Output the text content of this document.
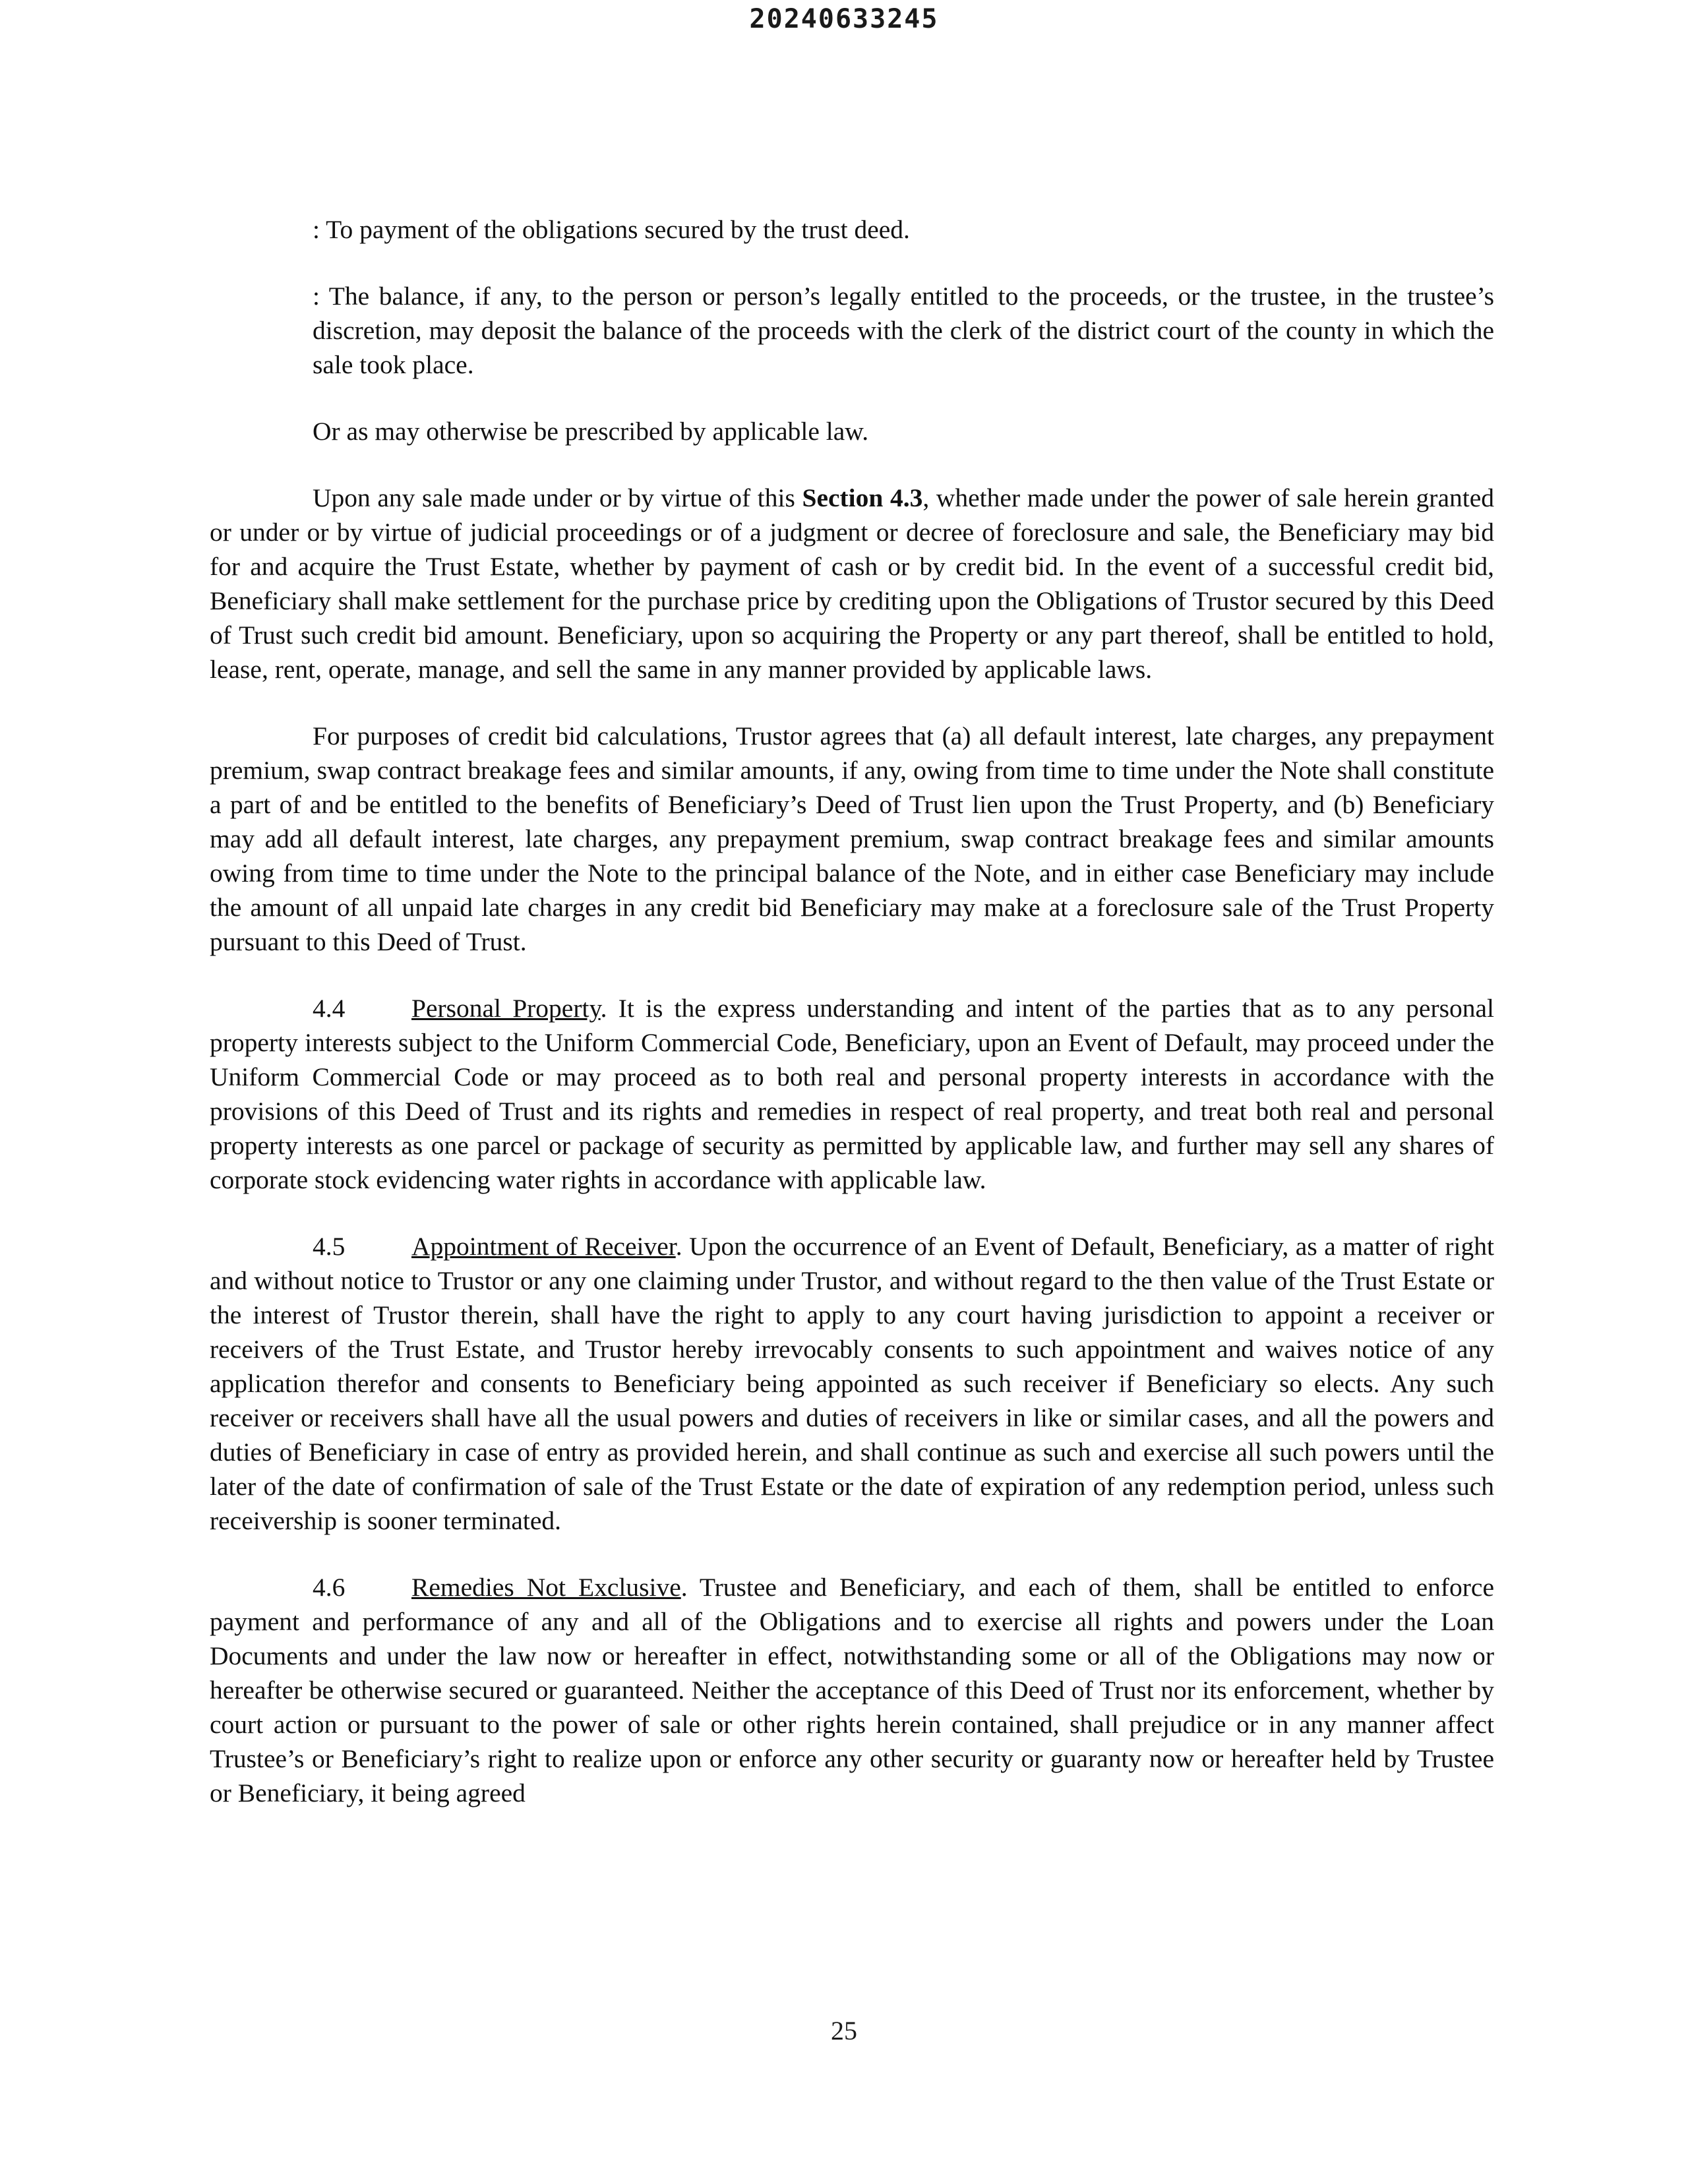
20240633245

: To payment of the obligations secured by the trust deed.

: The balance, if any, to the person or person’s legally entitled to the proceeds, or the trustee, in the trustee’s discretion, may deposit the balance of the proceeds with the clerk of the district court of the county in which the sale took place.

Or as may otherwise be prescribed by applicable law.

Upon any sale made under or by virtue of this Section 4.3, whether made under the power of sale herein granted or under or by virtue of judicial proceedings or of a judgment or decree of foreclosure and sale, the Beneficiary may bid for and acquire the Trust Estate, whether by payment of cash or by credit bid. In the event of a successful credit bid, Beneficiary shall make settlement for the purchase price by crediting upon the Obligations of Trustor secured by this Deed of Trust such credit bid amount. Beneficiary, upon so acquiring the Property or any part thereof, shall be entitled to hold, lease, rent, operate, manage, and sell the same in any manner provided by applicable laws.

For purposes of credit bid calculations, Trustor agrees that (a) all default interest, late charges, any prepayment premium, swap contract breakage fees and similar amounts, if any, owing from time to time under the Note shall constitute a part of and be entitled to the benefits of Beneficiary’s Deed of Trust lien upon the Trust Property, and (b) Beneficiary may add all default interest, late charges, any prepayment premium, swap contract breakage fees and similar amounts owing from time to time under the Note to the principal balance of the Note, and in either case Beneficiary may include the amount of all unpaid late charges in any credit bid Beneficiary may make at a foreclosure sale of the Trust Property pursuant to this Deed of Trust.

4.4	Personal Property. It is the express understanding and intent of the parties that as to any personal property interests subject to the Uniform Commercial Code, Beneficiary, upon an Event of Default, may proceed under the Uniform Commercial Code or may proceed as to both real and personal property interests in accordance with the provisions of this Deed of Trust and its rights and remedies in respect of real property, and treat both real and personal property interests as one parcel or package of security as permitted by applicable law, and further may sell any shares of corporate stock evidencing water rights in accordance with applicable law.

4.5	Appointment of Receiver. Upon the occurrence of an Event of Default, Beneficiary, as a matter of right and without notice to Trustor or any one claiming under Trustor, and without regard to the then value of the Trust Estate or the interest of Trustor therein, shall have the right to apply to any court having jurisdiction to appoint a receiver or receivers of the Trust Estate, and Trustor hereby irrevocably consents to such appointment and waives notice of any application therefor and consents to Beneficiary being appointed as such receiver if Beneficiary so elects. Any such receiver or receivers shall have all the usual powers and duties of receivers in like or similar cases, and all the powers and duties of Beneficiary in case of entry as provided herein, and shall continue as such and exercise all such powers until the later of the date of confirmation of sale of the Trust Estate or the date of expiration of any redemption period, unless such receivership is sooner terminated.

4.6	Remedies Not Exclusive. Trustee and Beneficiary, and each of them, shall be entitled to enforce payment and performance of any and all of the Obligations and to exercise all rights and powers under the Loan Documents and under the law now or hereafter in effect, notwithstanding some or all of the Obligations may now or hereafter be otherwise secured or guaranteed. Neither the acceptance of this Deed of Trust nor its enforcement, whether by court action or pursuant to the power of sale or other rights herein contained, shall prejudice or in any manner affect Trustee’s or Beneficiary’s right to realize upon or enforce any other security or guaranty now or hereafter held by Trustee or Beneficiary, it being agreed

25
